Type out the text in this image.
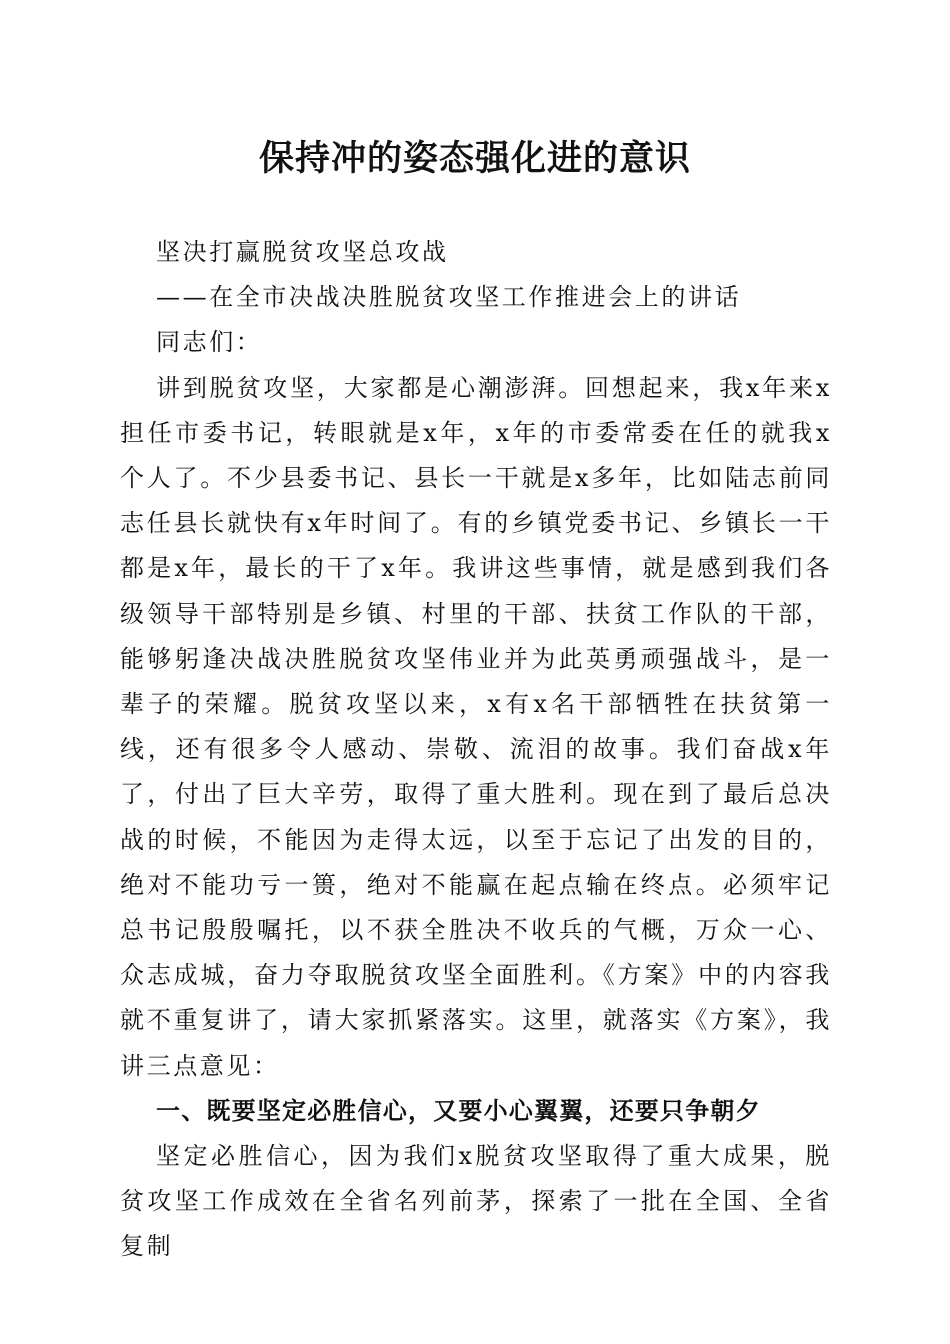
保持冲的姿态强化进的意识

坚决打赢脱贫攻坚总攻战

——在全市决战决胜脱贫攻坚工作推进会上的讲话

同志们：

讲到脱贫攻坚，大家都是心潮澎湃。回想起来，我x年来x担任市委书记，转眼就是x年，x年的市委常委在任的就我x个人了。不少县委书记、县长一干就是x多年，比如陆志前同志任县长就快有x年时间了。有的乡镇党委书记、乡镇长一干都是x年，最长的干了x年。我讲这些事情，就是感到我们各级领导干部特别是乡镇、村里的干部、扶贫工作队的干部，能够躬逢决战决胜脱贫攻坚伟业并为此英勇顽强战斗，是一辈子的荣耀。脱贫攻坚以来，x有x名干部牺牲在扶贫第一线，还有很多令人感动、崇敬、流泪的故事。我们奋战x年了，付出了巨大辛劳，取得了重大胜利。现在到了最后总决战的时候，不能因为走得太远，以至于忘记了出发的目的，绝对不能功亏一篑，绝对不能赢在起点输在终点。必须牢记总书记殷殷嘱托，以不获全胜决不收兵的气概，万众一心、众志成城，奋力夺取脱贫攻坚全面胜利。《方案》中的内容我就不重复讲了，请大家抓紧落实。这里，就落实《方案》，我讲三点意见：

一、既要坚定必胜信心，又要小心翼翼，还要只争朝夕

坚定必胜信心，因为我们x脱贫攻坚取得了重大成果，脱贫攻坚工作成效在全省名列前茅，探索了一批在全国、全省复制
